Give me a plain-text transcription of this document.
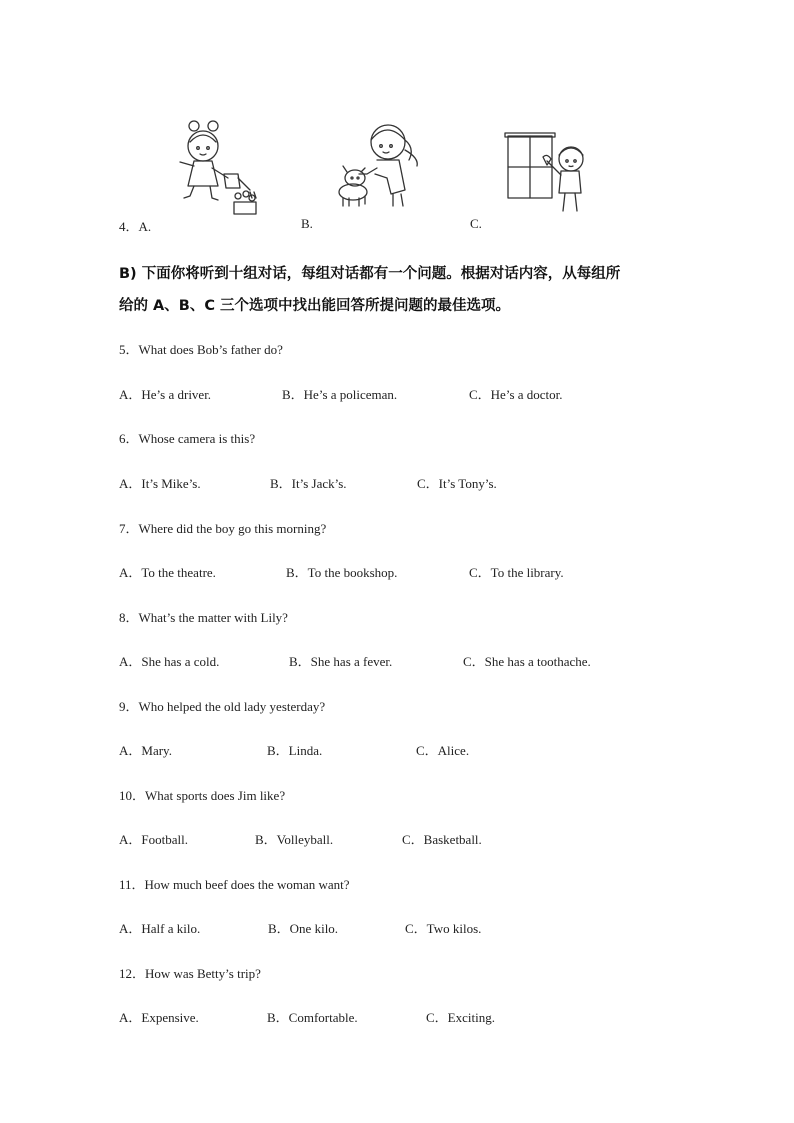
4．A.	B.	C.
B) 下面你将听到十组对话，每组对话都有一个问题。根据对话内容，从每组所
给的 A、B、C 三个选项中找出能回答所提问题的最佳选项。
5．What does Bob’s father do?
A．He’s a driver.	B．He’s a policeman.	C．He’s a doctor.
6．Whose camera is this?
A．It’s Mike’s.	B．It’s Jack’s.	C．It’s Tony’s.
7．Where did the boy go this morning?
A．To the theatre.	B．To the bookshop.	C．To the library.
8．What’s the matter with Lily?
A．She has a cold.	B．She has a fever.	C．She has a toothache.
9．Who helped the old lady yesterday?
A．Mary.	B．Linda.	C．Alice.
10．What sports does Jim like?
A．Football.	B．Volleyball.	C．Basketball.
11．How much beef does the woman want?
A．Half a kilo.	B．One kilo.	C．Two kilos.
12．How was Betty’s trip?
A．Expensive.	B．Comfortable.	C．Exciting.
